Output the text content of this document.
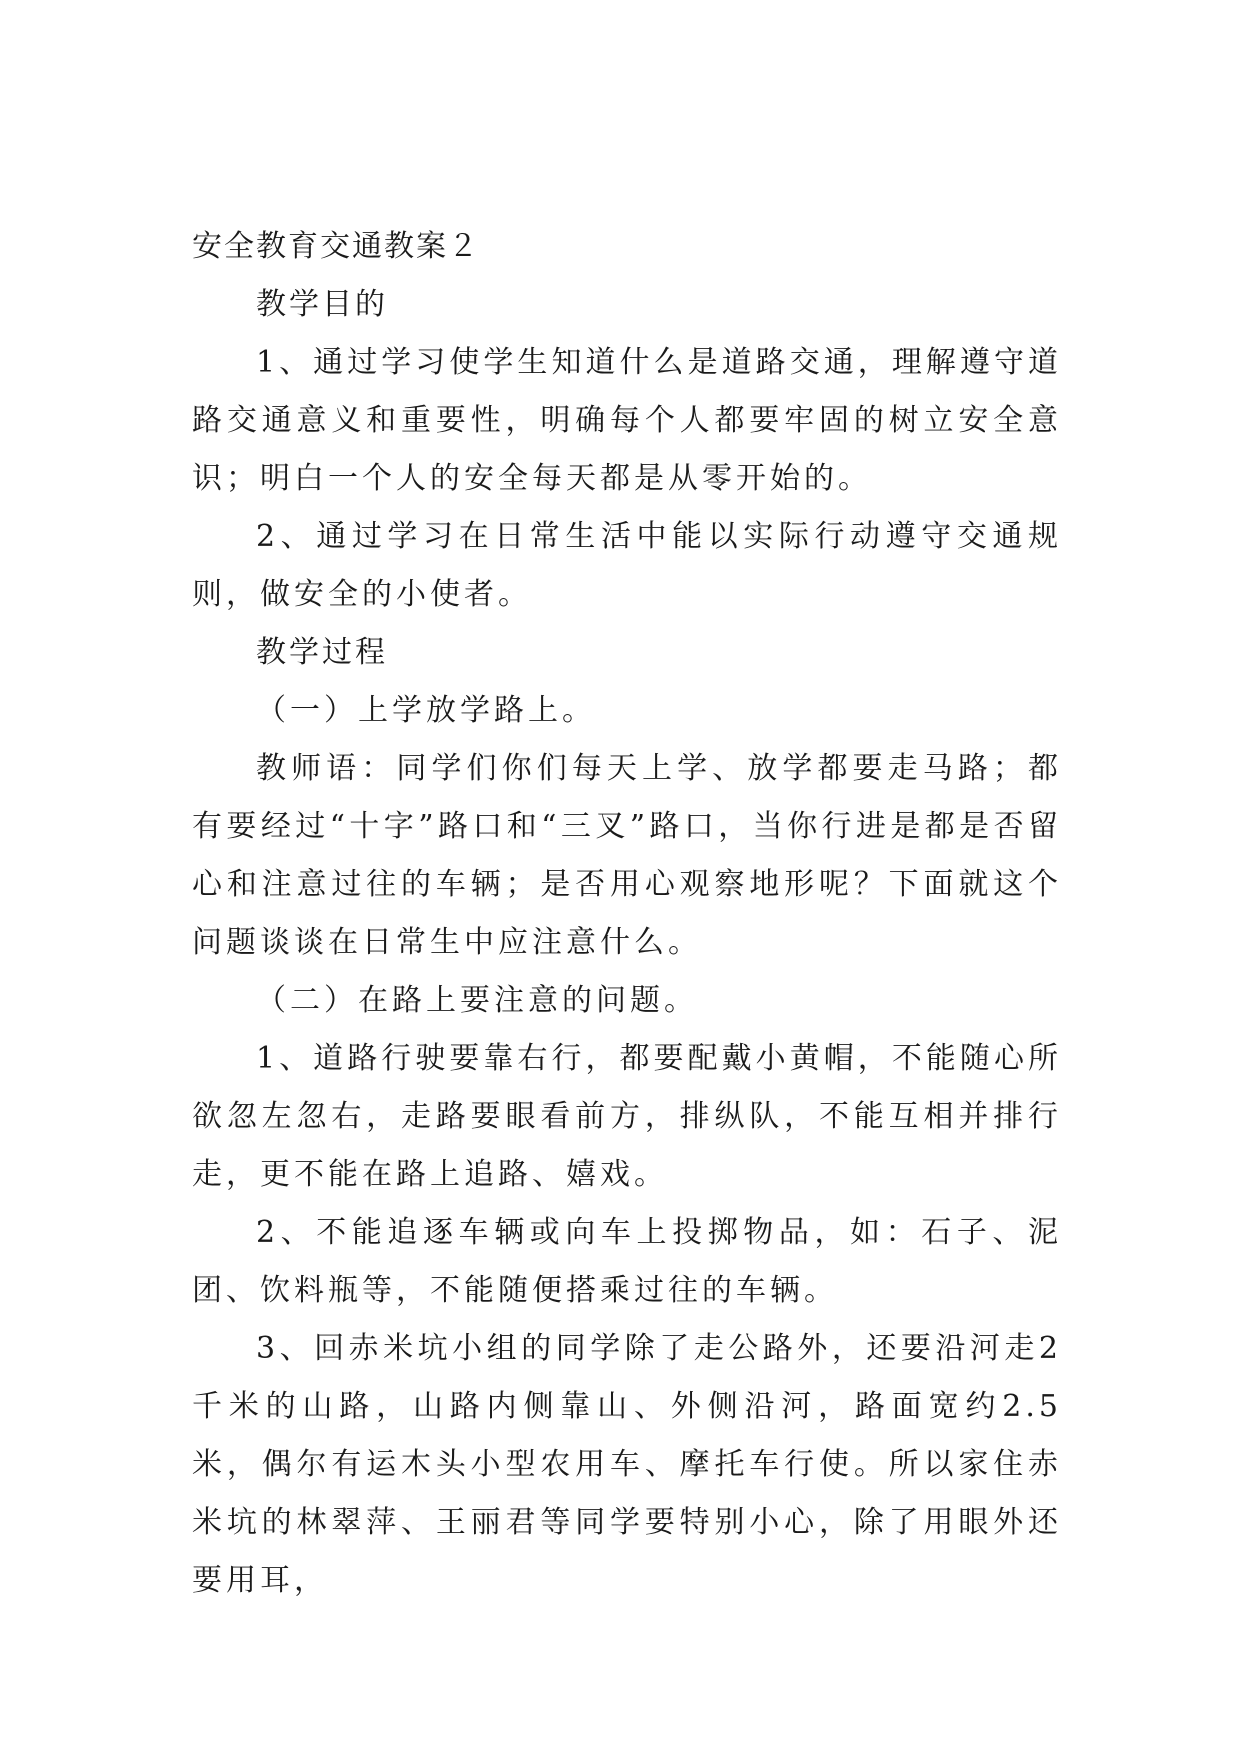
安全教育交通教案２

教学目的

1、通过学习使学生知道什么是道路交通，理解遵守道路交通意义和重要性，明确每个人都要牢固的树立安全意识；明白一个人的安全每天都是从零开始的。

2、通过学习在日常生活中能以实际行动遵守交通规则，做安全的小使者。

教学过程

（一）上学放学路上。

教师语：同学们你们每天上学、放学都要走马路；都有要经过“十字”路口和“三叉”路口，当你行进是都是否留心和注意过往的车辆；是否用心观察地形呢？下面就这个问题谈谈在日常生中应注意什么。

（二）在路上要注意的问题。

1、道路行驶要靠右行，都要配戴小黄帽，不能随心所欲忽左忽右，走路要眼看前方，排纵队，不能互相并排行走，更不能在路上追路、嬉戏。

2、不能追逐车辆或向车上投掷物品，如：石子、泥团、饮料瓶等，不能随便搭乘过往的车辆。

3、回赤米坑小组的同学除了走公路外，还要沿河走2千米的山路，山路内侧靠山、外侧沿河，路面宽约2.5米，偶尔有运木头小型农用车、摩托车行使。所以家住赤米坑的林翠萍、王丽君等同学要特别小心，除了用眼外还要用耳，
